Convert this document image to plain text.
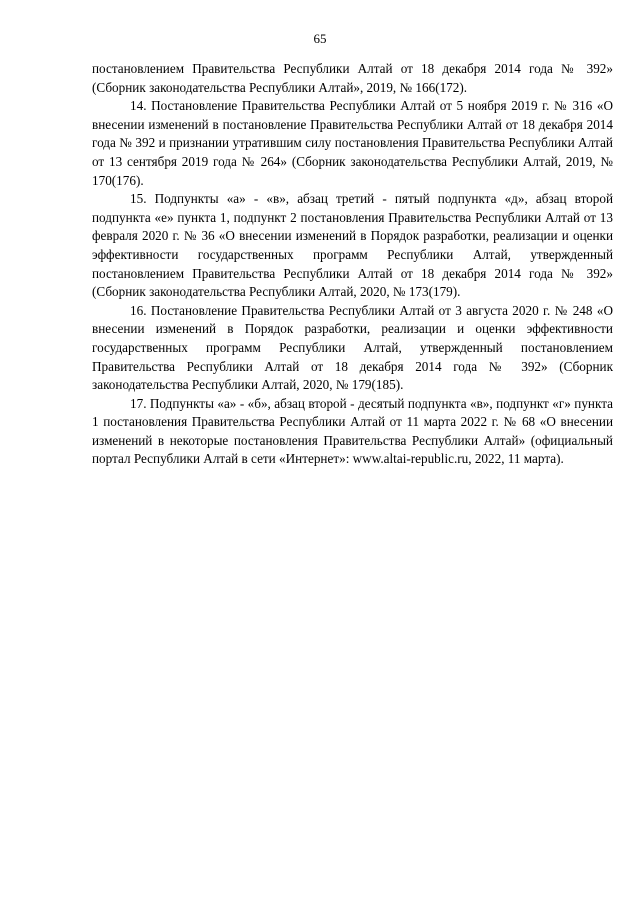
65

постановлением Правительства Республики Алтай от 18 декабря 2014 года № 392» (Сборник законодательства Республики Алтай», 2019, № 166(172).

14. Постановление Правительства Республики Алтай от 5 ноября 2019 г. № 316 «О внесении изменений в постановление Правительства Республики Алтай от 18 декабря 2014 года № 392 и признании утратившим силу постановления Правительства Республики Алтай от 13 сентября 2019 года № 264» (Сборник законодательства Республики Алтай, 2019, № 170(176).

15. Подпункты «а» - «в», абзац третий - пятый подпункта «д», абзац второй подпункта «е» пункта 1, подпункт 2 постановления Правительства Республики Алтай от 13 февраля 2020 г. № 36 «О внесении изменений в Порядок разработки, реализации и оценки эффективности государственных программ Республики Алтай, утвержденный постановлением Правительства Республики Алтай от 18 декабря 2014 года № 392» (Сборник законодательства Республики Алтай, 2020, № 173(179).

16. Постановление Правительства Республики Алтай от 3 августа 2020 г. № 248 «О внесении изменений в Порядок разработки, реализации и оценки эффективности государственных программ Республики Алтай, утвержденный постановлением Правительства Республики Алтай от 18 декабря 2014 года № 392» (Сборник законодательства Республики Алтай, 2020, № 179(185).

17. Подпункты «а» - «б», абзац второй - десятый подпункта «в», подпункт «г» пункта 1 постановления Правительства Республики Алтай от 11 марта 2022 г. № 68 «О внесении изменений в некоторые постановления Правительства Республики Алтай» (официальный портал Республики Алтай в сети «Интернет»: www.altai-republic.ru, 2022, 11 марта).
